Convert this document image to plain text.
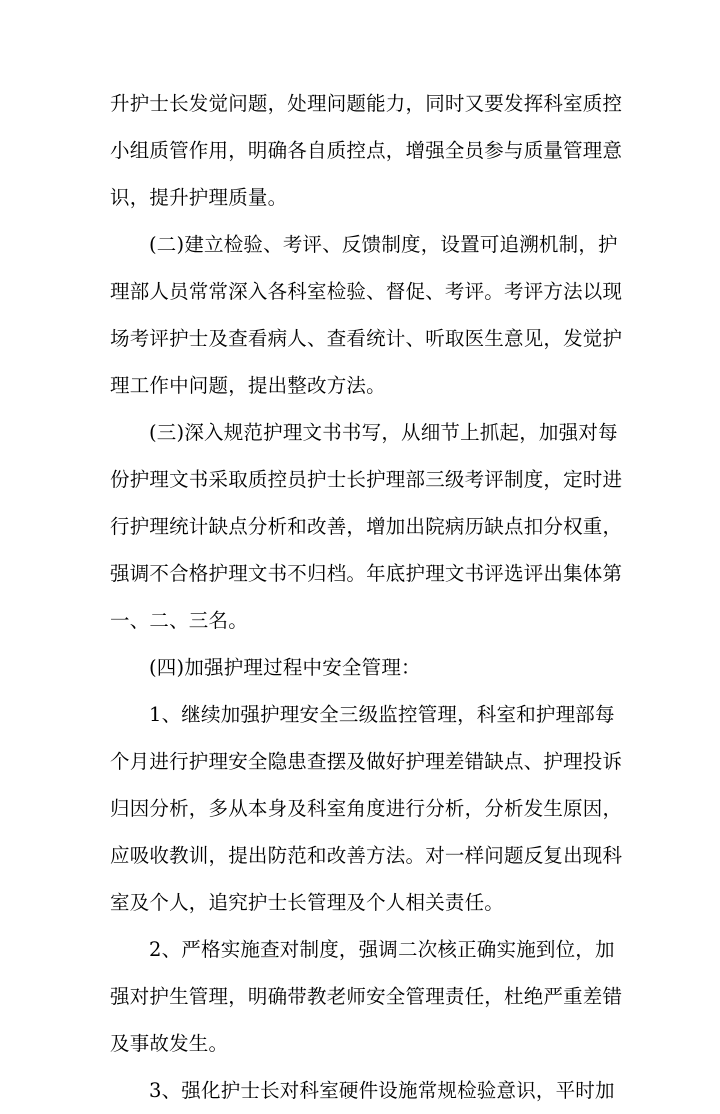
升护士长发觉问题，处理问题能力，同时又要发挥科室质控
小组质管作用，明确各自质控点，增强全员参与质量管理意
识，提升护理质量。
(二)建立检验、考评、反馈制度，设置可追溯机制，护
理部人员常常深入各科室检验、督促、考评。考评方法以现
场考评护士及查看病人、查看统计、听取医生意见，发觉护
理工作中问题，提出整改方法。
(三)深入规范护理文书书写，从细节上抓起，加强对每
份护理文书采取质控员护士长护理部三级考评制度，定时进
行护理统计缺点分析和改善，增加出院病历缺点扣分权重，
强调不合格护理文书不归档。年底护理文书评选评出集体第
一、二、三名。
(四)加强护理过程中安全管理：
1、继续加强护理安全三级监控管理，科室和护理部每
个月进行护理安全隐患查摆及做好护理差错缺点、护理投诉
归因分析，多从本身及科室角度进行分析，分析发生原因，
应吸收教训，提出防范和改善方法。对一样问题反复出现科
室及个人，追究护士长管理及个人相关责任。
2、严格实施查对制度，强调二次核正确实施到位，加
强对护生管理，明确带教老师安全管理责任，杜绝严重差错
及事故发生。
3、强化护士长对科室硬件设施常规检验意识，平时加
